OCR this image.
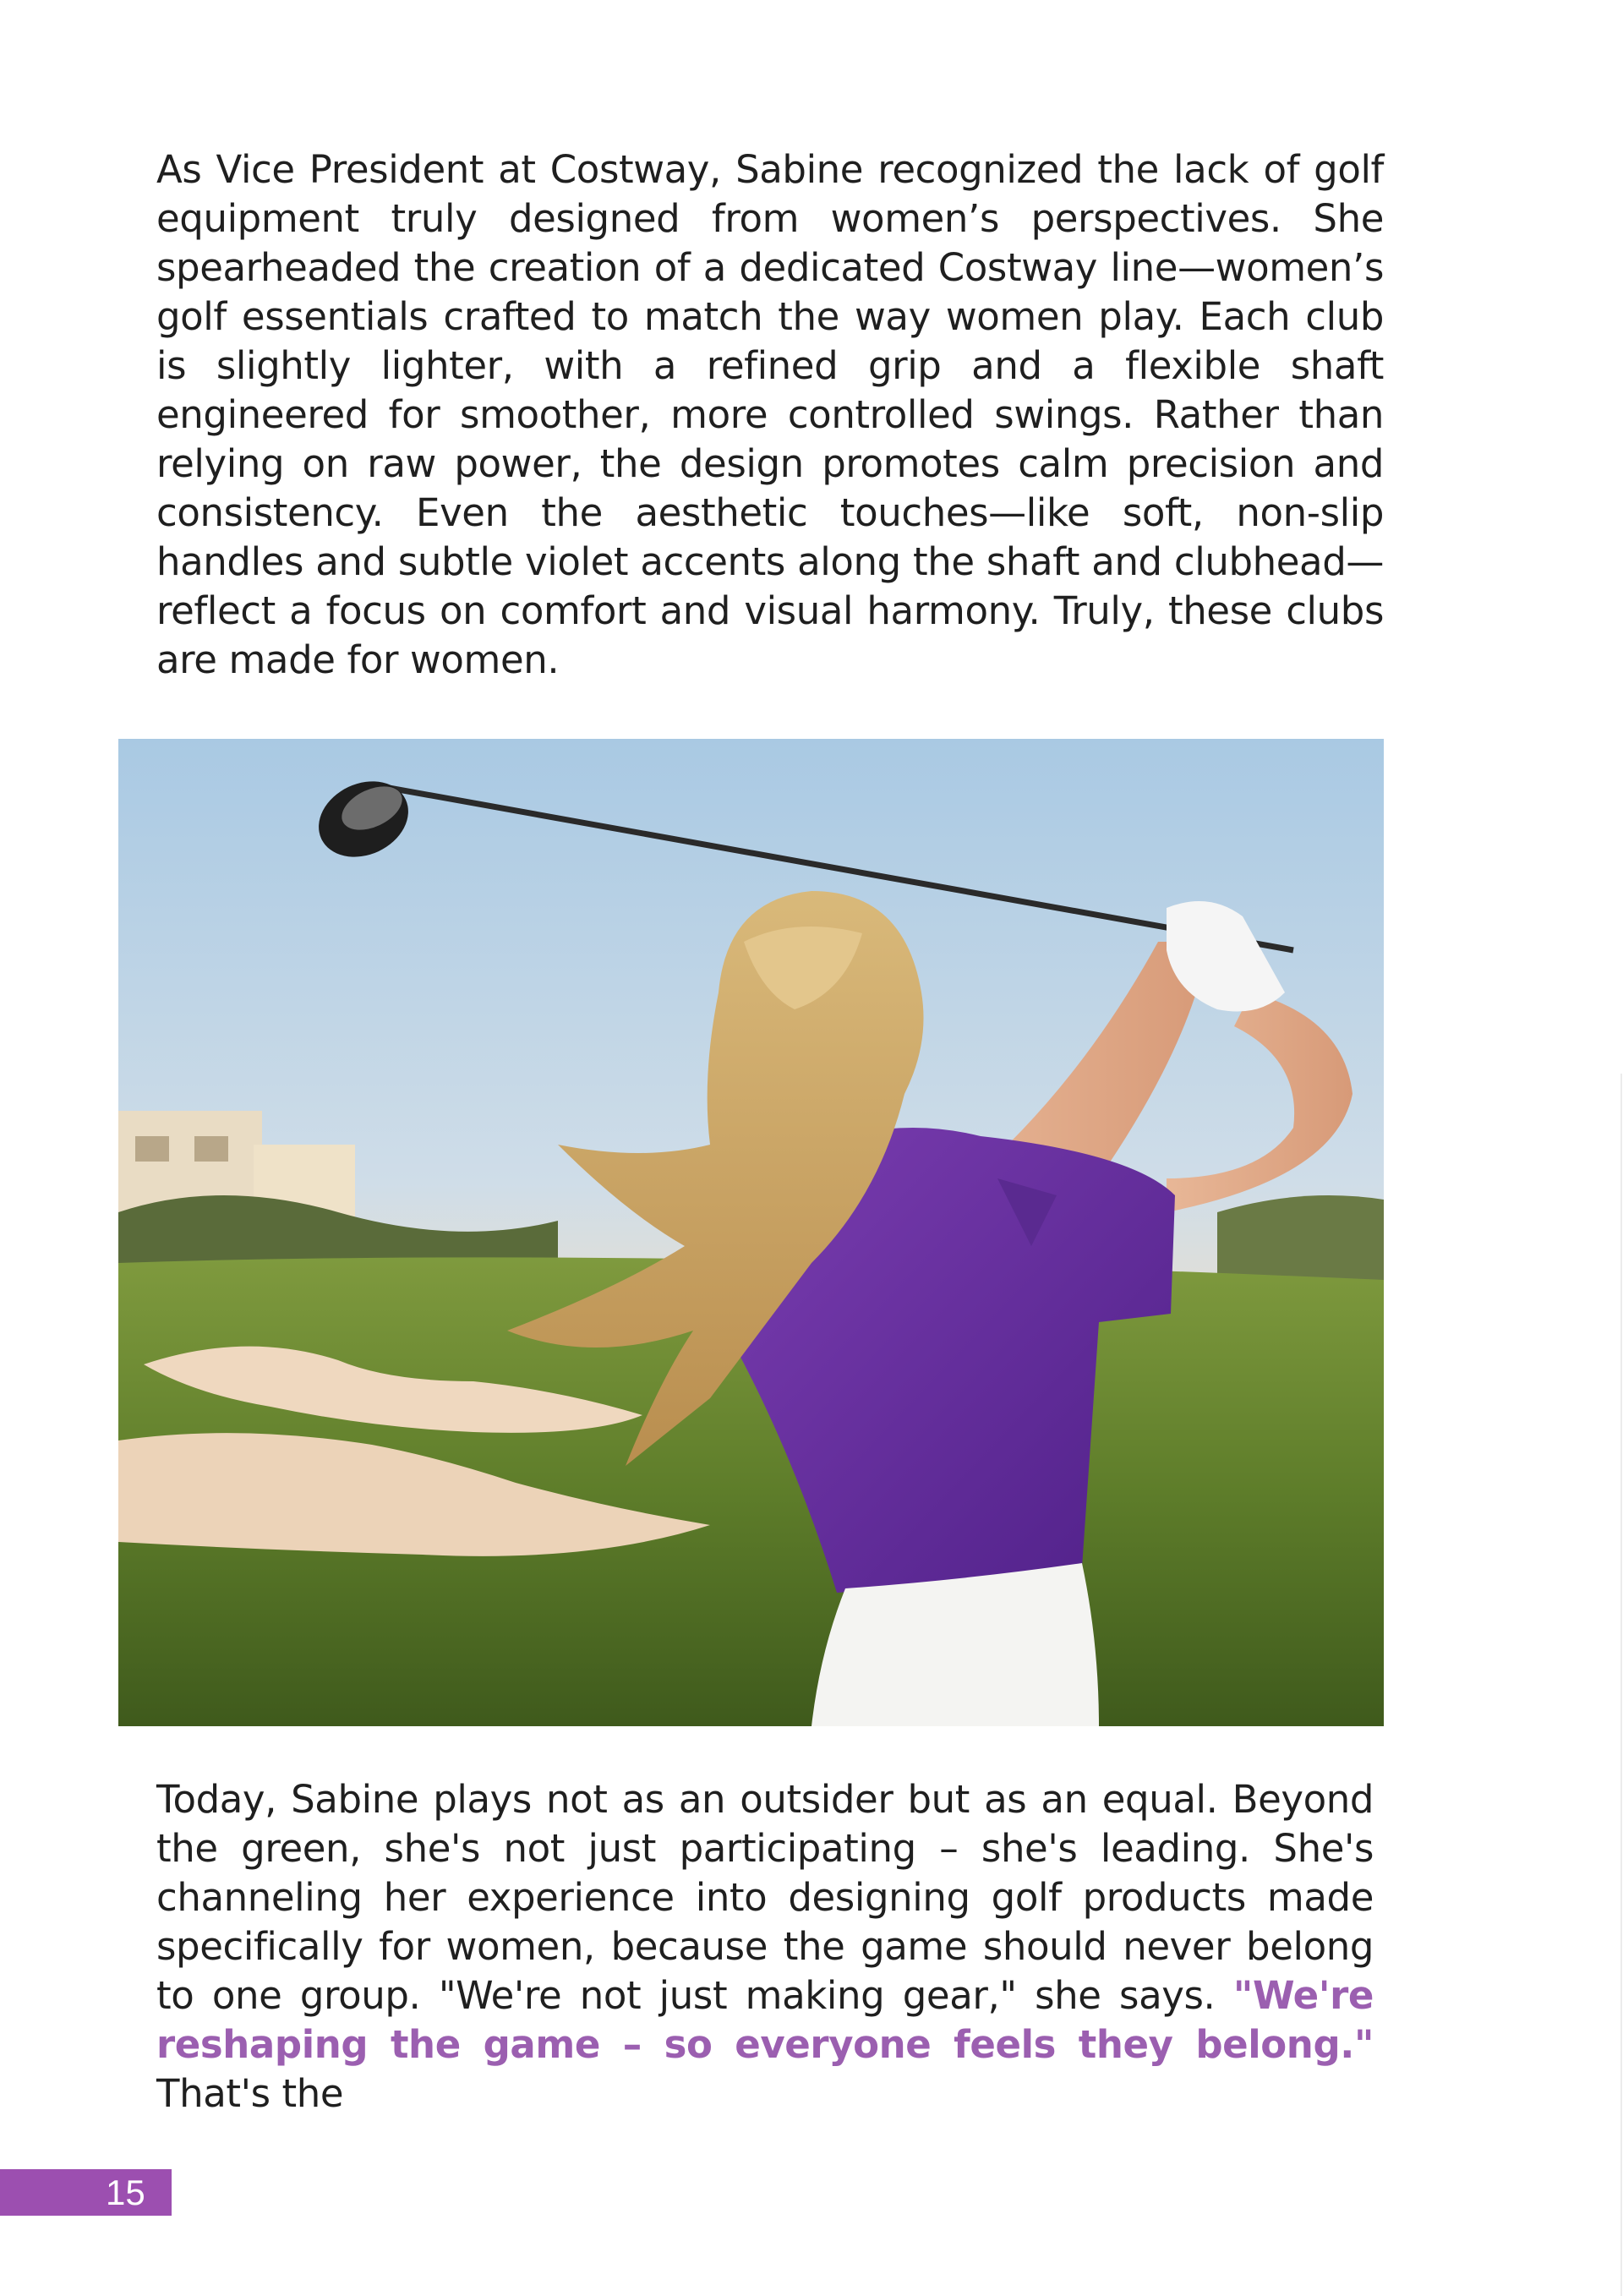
As Vice President at Costway, Sabine recognized the lack of golf equipment truly designed from women’s perspectives. She spearheaded the creation of a dedicated Costway line—women’s golf essentials crafted to match the way women play. Each club is slightly lighter, with a refined grip and a flexible shaft engineered for smoother, more controlled swings. Rather than relying on raw power, the design promotes calm precision and consistency. Even the aesthetic touches—like soft, non-slip handles and subtle violet accents along the shaft and clubhead—reflect a focus on comfort and visual harmony. Truly, these clubs are made for women.

Today, Sabine plays not as an outsider but as an equal. Beyond the green, she's not just participating – she's leading. She's channeling her experience into designing golf products made specifically for women, because the game should never belong to one group. "We're not just making gear," she says. "We're reshaping the game – so everyone feels they belong." That's the

15
